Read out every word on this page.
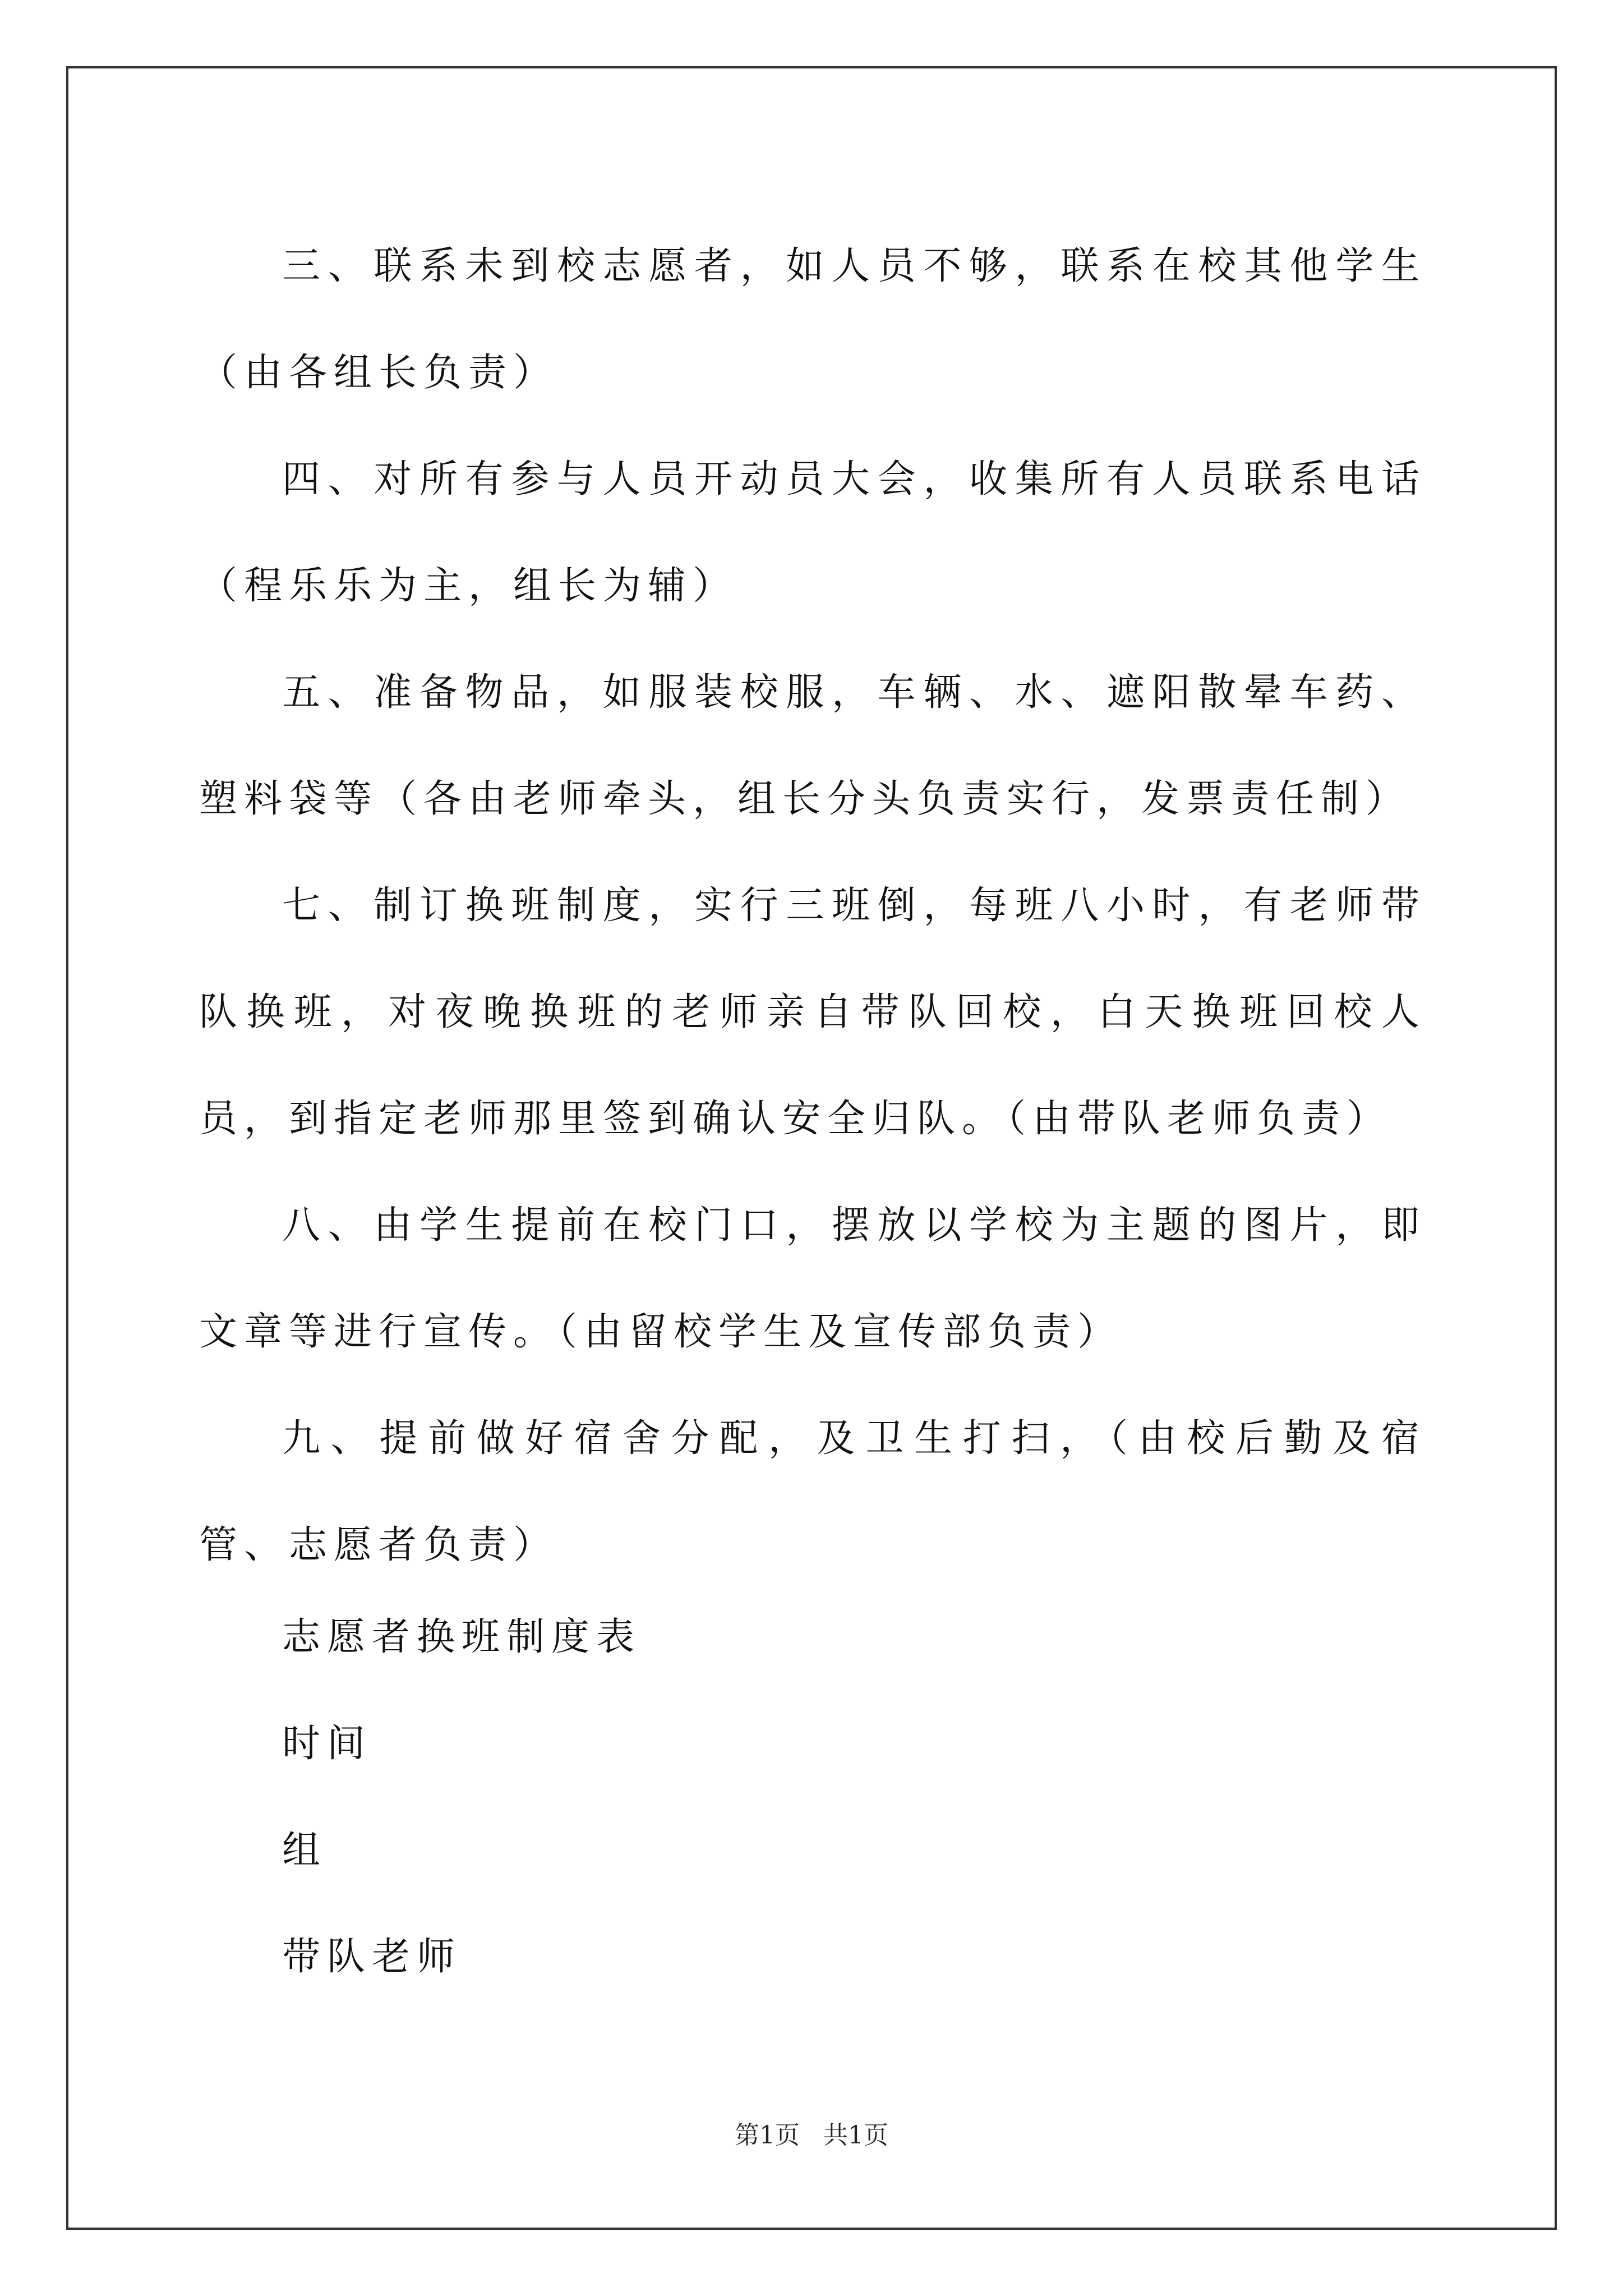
三、联系未到校志愿者，如人员不够，联系在校其他学生（由各组长负责）

四、对所有参与人员开动员大会，收集所有人员联系电话（程乐乐为主，组长为辅）

五、准备物品，如服装校服，车辆、水、遮阳散晕车药、塑料袋等（各由老师牵头，组长分头负责实行，发票责任制）

七、制订换班制度，实行三班倒，每班八小时，有老师带队换班，对夜晚换班的老师亲自带队回校，白天换班回校人员，到指定老师那里签到确认安全归队。（由带队老师负责）

八、由学生提前在校门口，摆放以学校为主题的图片，即文章等进行宣传。（由留校学生及宣传部负责）

九、提前做好宿舍分配，及卫生打扫，（由校后勤及宿管、志愿者负责）

志愿者换班制度表
时间
组
带队老师
第1页 共1页
